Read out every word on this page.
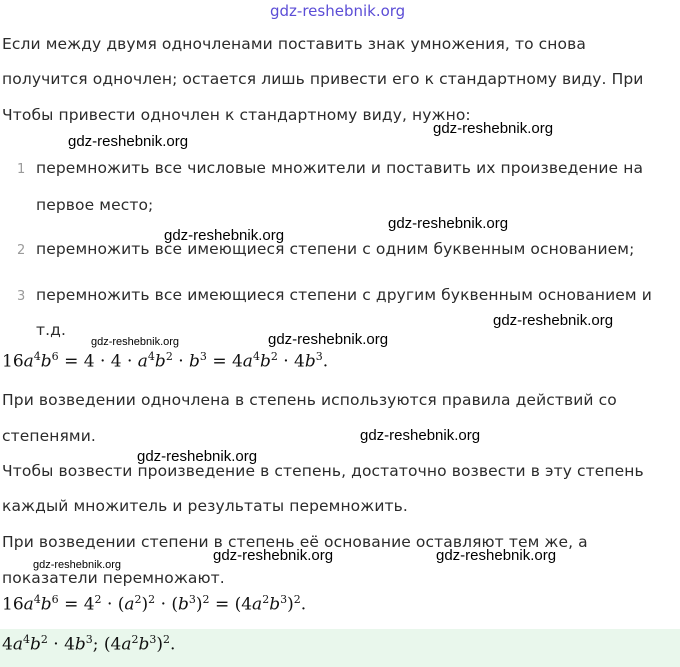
gdz-reshebnik.org
Если между двумя одночленами поставить знак умножения, то снова
получится одночлен; остается лишь привести его к стандартному виду. При
Чтобы привести одночлен к стандартному виду, нужно:
gdz-reshebnik.org
gdz-reshebnik.org
1 перемножить все числовые множители и поставить их произведение на
первое место;
gdz-reshebnik.org
gdz-reshebnik.org
2 перемножить все имеющиеся степени с одним буквенным основанием;
3 перемножить все имеющиеся степени с другим буквенным основанием и
т.д.
gdz-reshebnik.org
gdz-reshebnik.org	gdz-reshebnik.org
$16a^4b^6 = 4 \cdot 4 \cdot a^4b^2 \cdot b^3 = 4a^4b^2 \cdot 4b^3$.
При возведении одночлена в степень используются правила действий со
степенями.	gdz-reshebnik.org
gdz-reshebnik.org
Чтобы возвести произведение в степень, достаточно возвести в эту степень
каждый множитель и результаты перемножить.
При возведении степени в степень её основание оставляют тем же, а
gdz-reshebnik.org	gdz-reshebnik.org
gdz-reshebnik.org
показатели перемножают.
$16a^4b^6 = 4^2 \cdot (a^2)^2 \cdot (b^3)^2 = (4a^2b^3)^2$.
$4a^4b^2 \cdot 4b^3$; $(4a^2b^3)^2$.
